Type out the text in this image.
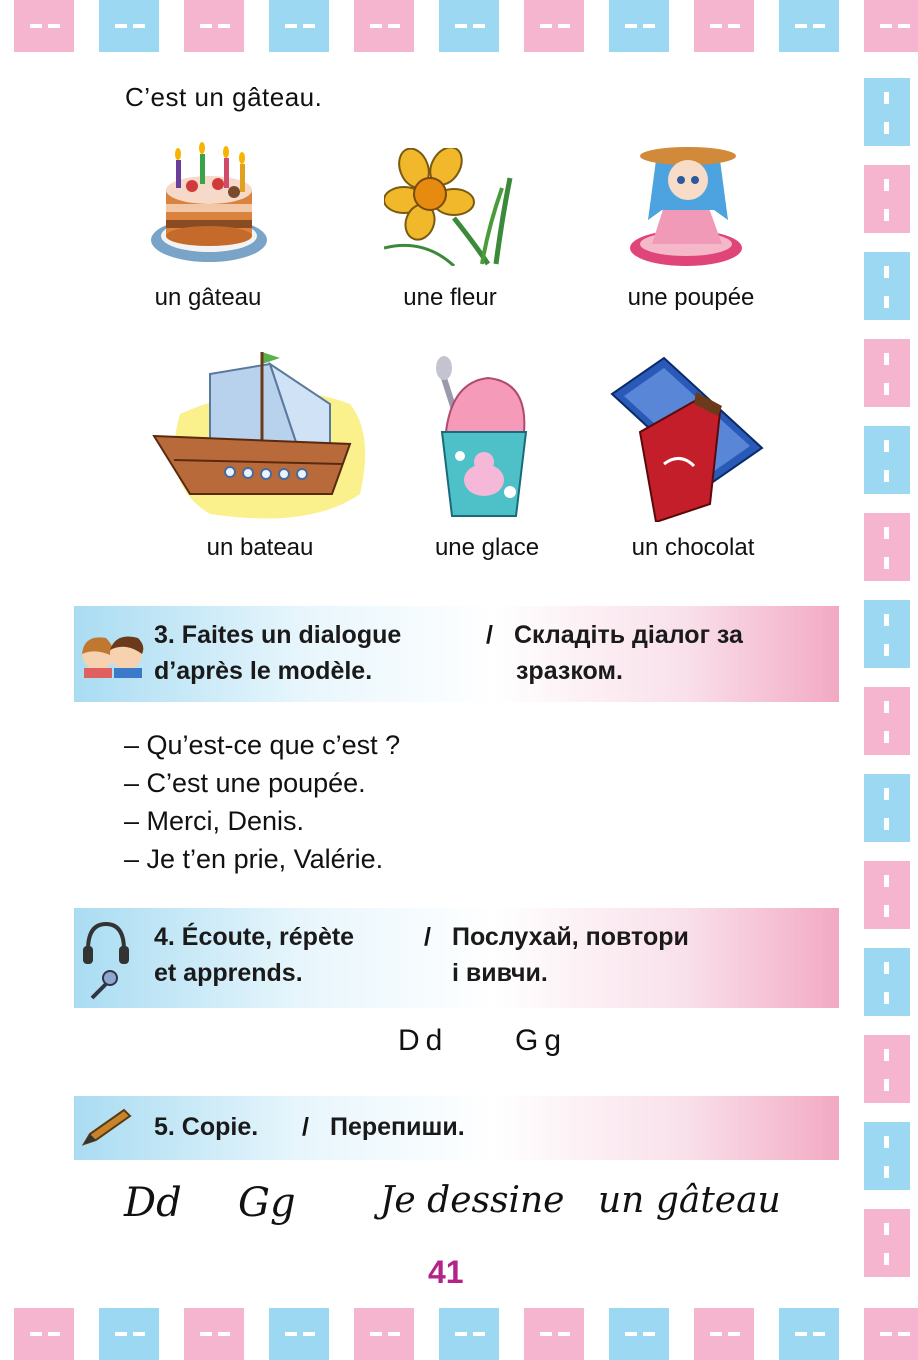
C’est un gâteau.
un gâteau	une fleur	une poupée
un bateau	une glace	un chocolat
3. Faites un dialogue
d’après le modèle.
/ Складіть діалог за
зразком.
– Qu’est-ce que c’est ?
– C’est une poupée.
– Merci, Denis.
– Je t’en prie, Valérie.
4. Écoute, répète
et apprends.
/ Послухай, повтори
і вивчи.
Dd Gg
5. Copie. / Перепиши.
Dd Gg Je dessine un gâteau
41
